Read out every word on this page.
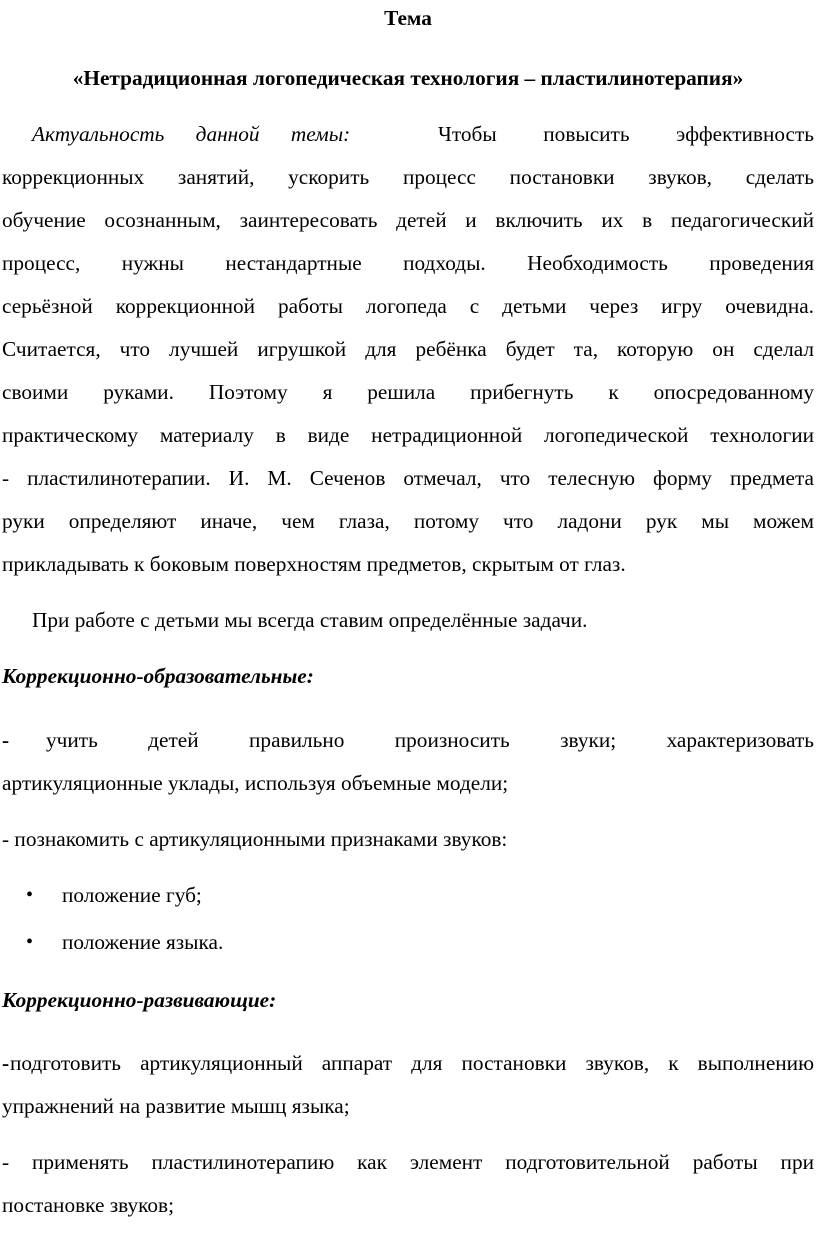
Тема
«Нетрадиционная логопедическая технология – пластилинотерапия»
Актуальность данной темы:	Чтобы повысить эффективность
коррекционных занятий, ускорить процесс постановки звуков, сделать
обучение осознанным, заинтересовать детей и включить их в педагогический
процесс, нужны нестандартные подходы. Необходимость проведения
серьёзной коррекционной работы логопеда с детьми через игру очевидна.
Считается, что лучшей игрушкой для ребёнка будет та, которую он сделал
своими руками. Поэтому я решила прибегнуть к опосредованному
практическому материалу в виде нетрадиционной логопедической технологии
- пластилинотерапии. И. М. Сеченов отмечал, что телесную форму предмета
руки определяют иначе, чем глаза, потому что ладони рук мы можем
прикладывать к боковым поверхностям предметов, скрытым от глаз.
При работе с детьми мы всегда ставим определённые задачи.
Коррекционно-образовательные:
- учить детей правильно произносить звуки; характеризовать
артикуляционные уклады, используя объемные модели;
- познакомить с артикуляционными признаками звуков:
• положение губ;
• положение языка.
Коррекционно-развивающие:
- подготовить артикуляционный аппарат для постановки звуков, к выполнению
упражнений на развитие мышц языка;
- применять пластилинотерапию как элемент подготовительной работы при
постановке звуков;
